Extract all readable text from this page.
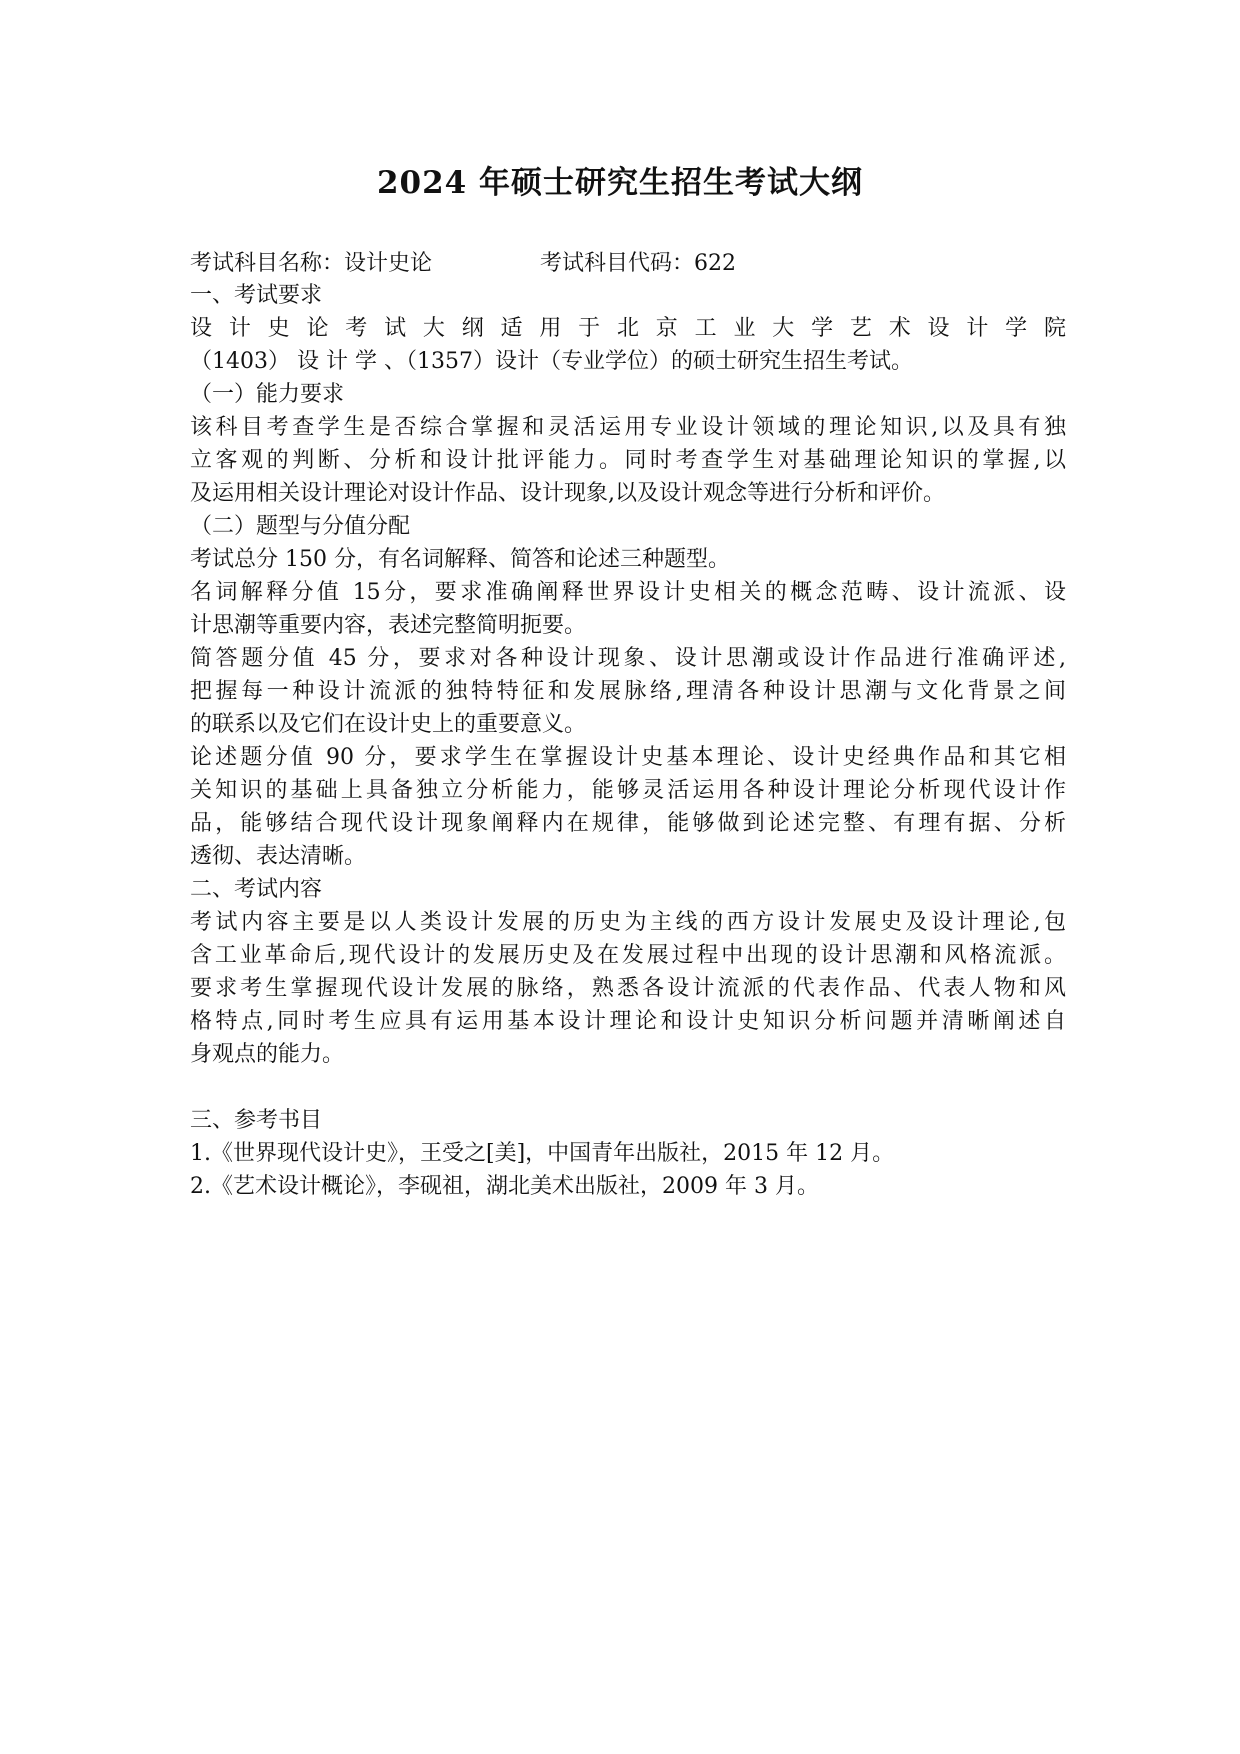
2024 年硕士研究生招生考试大纲
考试科目名称：设计史论	考试科目代码：622
一、考试要求
设计史论考试大纲适用于北京工业大学艺术设计学院
（1403） 设 计 学 、（1357）设计（专业学位）的硕士研究生招生考试。
（一）能力要求
该科目考查学生是否综合掌握和灵活运用专业设计领域的理论知识,以及具有独
立客观的判断、分析和设计批评能力。同时考查学生对基础理论知识的掌握,以
及运用相关设计理论对设计作品、设计现象,以及设计观念等进行分析和评价。
（二）题型与分值分配
考试总分 150 分，有名词解释、简答和论述三种题型。
名词解释分值 15分，要求准确阐释世界设计史相关的概念范畴、设计流派、设
计思潮等重要内容，表述完整简明扼要。
简答题分值 45 分，要求对各种设计现象、设计思潮或设计作品进行准确评述,
把握每一种设计流派的独特特征和发展脉络,理清各种设计思潮与文化背景之间
的联系以及它们在设计史上的重要意义。
论述题分值 90 分，要求学生在掌握设计史基本理论、设计史经典作品和其它相
关知识的基础上具备独立分析能力，能够灵活运用各种设计理论分析现代设计作
品，能够结合现代设计现象阐释内在规律，能够做到论述完整、有理有据、分析
透彻、表达清晰。
二、考试内容
考试内容主要是以人类设计发展的历史为主线的西方设计发展史及设计理论,包
含工业革命后,现代设计的发展历史及在发展过程中出现的设计思潮和风格流派。
要求考生掌握现代设计发展的脉络，熟悉各设计流派的代表作品、代表人物和风
格特点,同时考生应具有运用基本设计理论和设计史知识分析问题并清晰阐述自
身观点的能力。
三、参考书目
1.《世界现代设计史》，王受之[美]，中国青年出版社，2015 年 12 月。
2.《艺术设计概论》，李砚祖，湖北美术出版社，2009 年 3 月。
